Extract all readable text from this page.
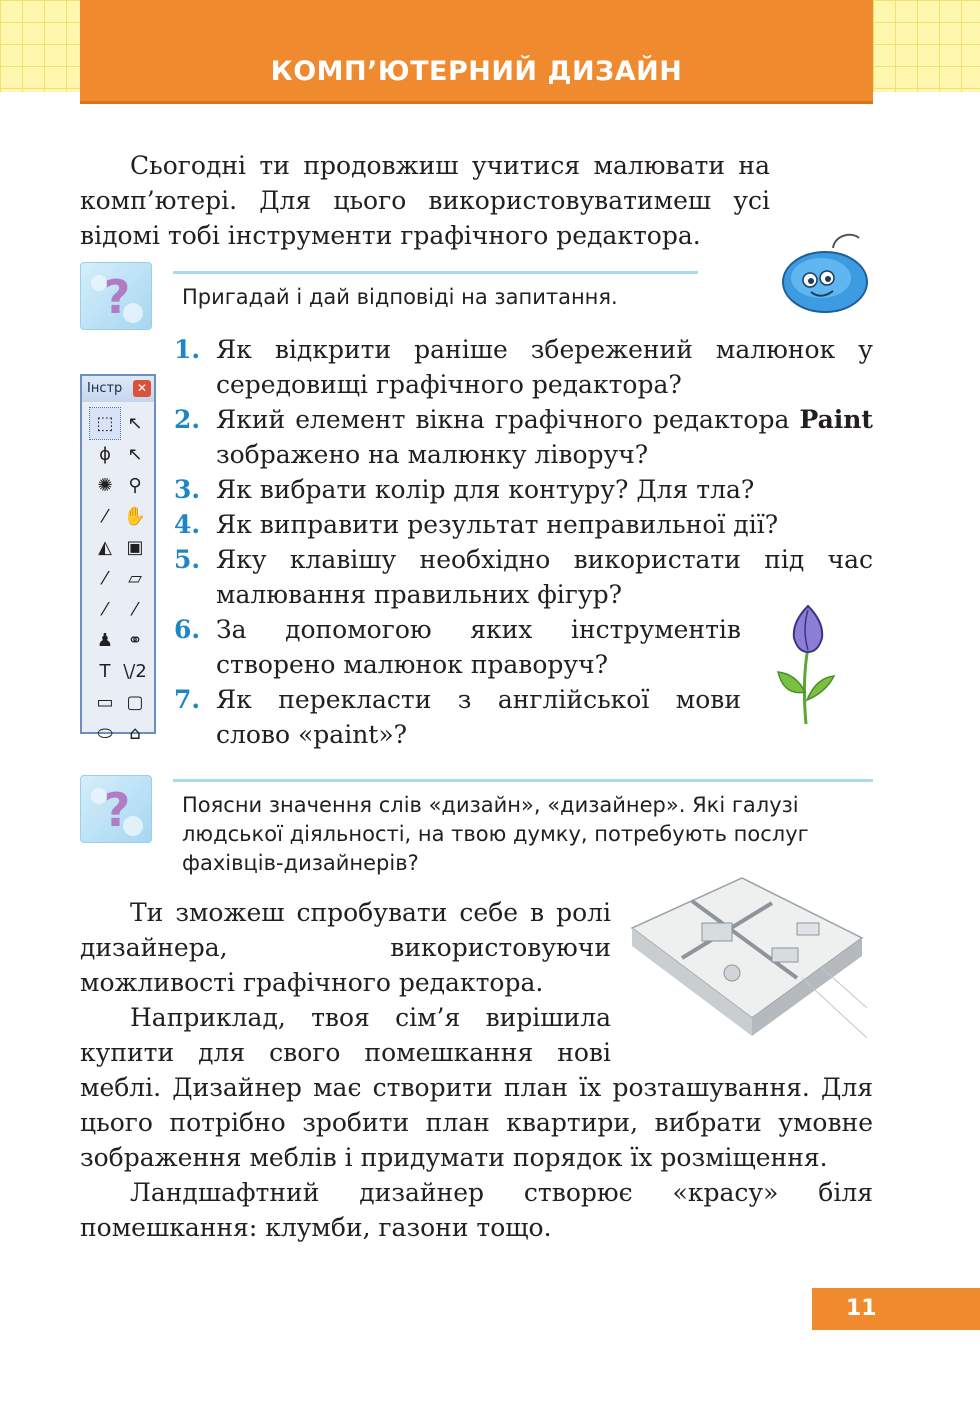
КОМП’ЮТЕРНИЙ ДИЗАЙН

Сьогодні ти продовжиш учитися малювати на комп’ютері. Для цього використовуватимеш усі відомі тобі інструменти графічного редактора.

? Пригадай і дай відповіді на запитання.
Інстр	✕
⬚ ↖
ϕ ↖
✺ ⚲
⁄ ✋
◭ ▣
⁄ ▱
⁄ ⁄
♟ ⚭
T \/2
▭ ▢
⬭ ⌂
1. Як відкрити раніше збережений малюнок у середовищі графічного редактора?
2. Який елемент вікна графічного редактора Paint зображено на малюнку ліворуч?
3. Як вибрати колір для контуру? Для тла?
4. Як виправити результат неправильної дії?
5. Яку клавішу необхідно використати під час малювання правильних фігур?
6. За допомогою яких інструментів створено малюнок праворуч?
7. Як перекласти з англійської мови слово «paint»?
? Поясни значення слів «дизайн», «дизайнер». Які галузі людської діяльності, на твою думку, потребують послуг фахівців-дизайнерів?

Ти зможеш спробувати себе в ролі дизайнера, використовуючи можливості графічного редактора.

Наприклад, твоя сім’я вирішила купити для свого помешкання нові меблі. Дизайнер має створити план їх розташування. Для цього потрібно зробити план квартири, вибрати умовне зображення меблів і придумати порядок їх розміщення.

Ландшафтний дизайнер створює «красу» біля помешкання: клумби, газони тощо.

11
